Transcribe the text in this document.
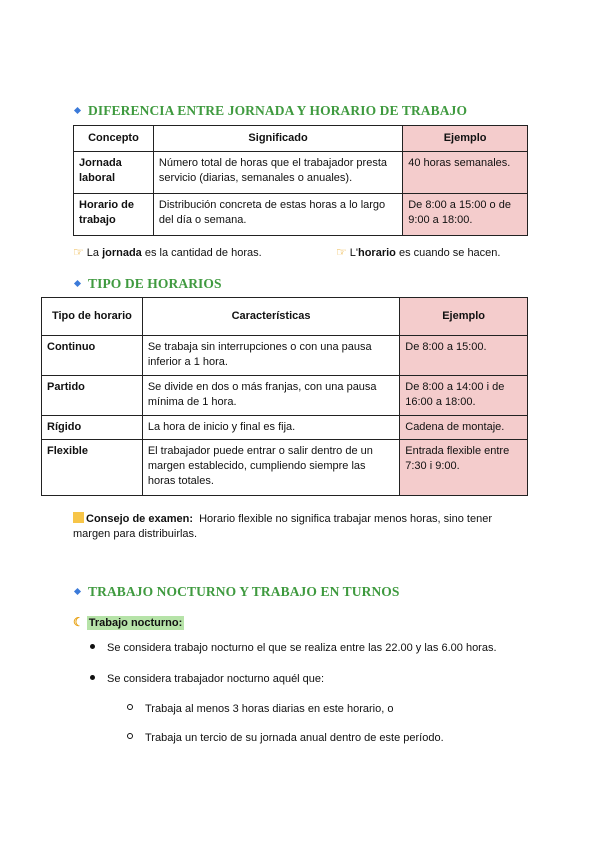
DIFERENCIA ENTRE JORNADA Y HORARIO DE TRABAJO
Concepto	Significado	Ejemplo
Jornada laboral	Número total de horas que el trabajador presta servicio (diarias, semanales o anuales).	40 horas semanales.
Horario de trabajo	Distribución concreta de estas horas a lo largo del día o semana.	De 8:00 a 15:00 o de 9:00 a 18:00.
☞ La jornada es la cantidad de horas.	☞ L'horario es cuando se hacen.
TIPO DE HORARIOS
Tipo de horario	Características	Ejemplo
Continuo	Se trabaja sin interrupciones o con una pausa inferior a 1 hora.	De 8:00 a 15:00.
Partido	Se divide en dos o más franjas, con una pausa mínima de 1 hora.	De 8:00 a 14:00 i de 16:00 a 18:00.
Rígido	La hora de inicio y final es fija.	Cadena de montaje.
Flexible	El trabajador puede entrar o salir dentro de un margen establecido, cumpliendo siempre las horas totales.	Entrada flexible entre 7:30 i 9:00.
Consejo de examen: Horario flexible no significa trabajar menos horas, sino tener margen para distribuirlas.
TRABAJO NOCTURNO Y TRABAJO EN TURNOS
☾ Trabajo nocturno:
Se considera trabajo nocturno el que se realiza entre las 22.00 y las 6.00 horas.
Se considera trabajador nocturno aquél que:
Trabaja al menos 3 horas diarias en este horario, o
Trabaja un tercio de su jornada anual dentro de este período.
